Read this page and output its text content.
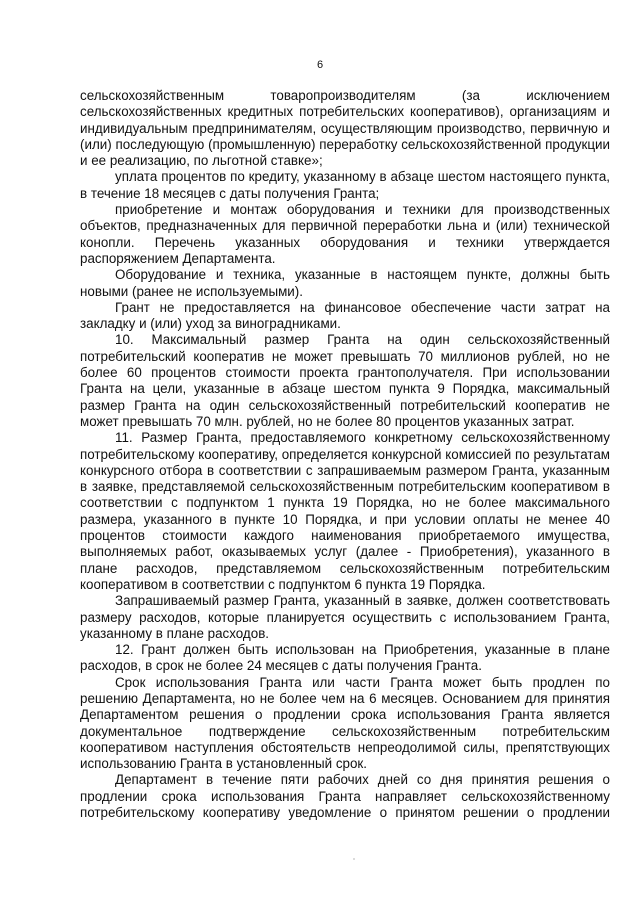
6

сельскохозяйственным товаропроизводителям (за исключением сельскохозяйственных кредитных потребительских кооперативов), организациям и индивидуальным предпринимателям, осуществляющим производство, первичную и (или) последующую (промышленную) переработку сельскохозяйственной продукции и ее реализацию, по льготной ставке»;

уплата процентов по кредиту, указанному в абзаце шестом настоящего пункта, в течение 18 месяцев с даты получения Гранта;

приобретение и монтаж оборудования и техники для производственных объектов, предназначенных для первичной переработки льна и (или) технической конопли. Перечень указанных оборудования и техники утверждается распоряжением Департамента.

Оборудование и техника, указанные в настоящем пункте, должны быть новыми (ранее не используемыми).

Грант не предоставляется на финансовое обеспечение части затрат на закладку и (или) уход за виноградниками.

10. Максимальный размер Гранта на один сельскохозяйственный потребительский кооператив не может превышать 70 миллионов рублей, но не более 60 процентов стоимости проекта грантополучателя. При использовании Гранта на цели, указанные в абзаце шестом пункта 9 Порядка, максимальный размер Гранта на один сельскохозяйственный потребительский кооператив не может превышать 70 млн. рублей, но не более 80 процентов указанных затрат.

11. Размер Гранта, предоставляемого конкретному сельскохозяйственному потребительскому кооперативу, определяется конкурсной комиссией по результатам конкурсного отбора в соответствии с запрашиваемым размером Гранта, указанным в заявке, представляемой сельскохозяйственным потребительским кооперативом в соответствии с подпунктом 1 пункта 19 Порядка, но не более максимального размера, указанного в пункте 10 Порядка, и при условии оплаты не менее 40 процентов стоимости каждого наименования приобретаемого имущества, выполняемых работ, оказываемых услуг (далее - Приобретения), указанного в плане расходов, представляемом сельскохозяйственным потребительским кооперативом в соответствии с подпунктом 6 пункта 19 Порядка.

Запрашиваемый размер Гранта, указанный в заявке, должен соответствовать размеру расходов, которые планируется осуществить с использованием Гранта, указанному в плане расходов.

12. Грант должен быть использован на Приобретения, указанные в плане расходов, в срок не более 24 месяцев с даты получения Гранта.

Срок использования Гранта или части Гранта может быть продлен по решению Департамента, но не более чем на 6 месяцев. Основанием для принятия Департаментом решения о продлении срока использования Гранта является документальное подтверждение сельскохозяйственным потребительским кооперативом наступления обстоятельств непреодолимой силы, препятствующих использованию Гранта в установленный срок.

Департамент в течение пяти рабочих дней со дня принятия решения о продлении срока использования Гранта направляет сельскохозяйственному потребительскому кооперативу уведомление о принятом решении о продлении
